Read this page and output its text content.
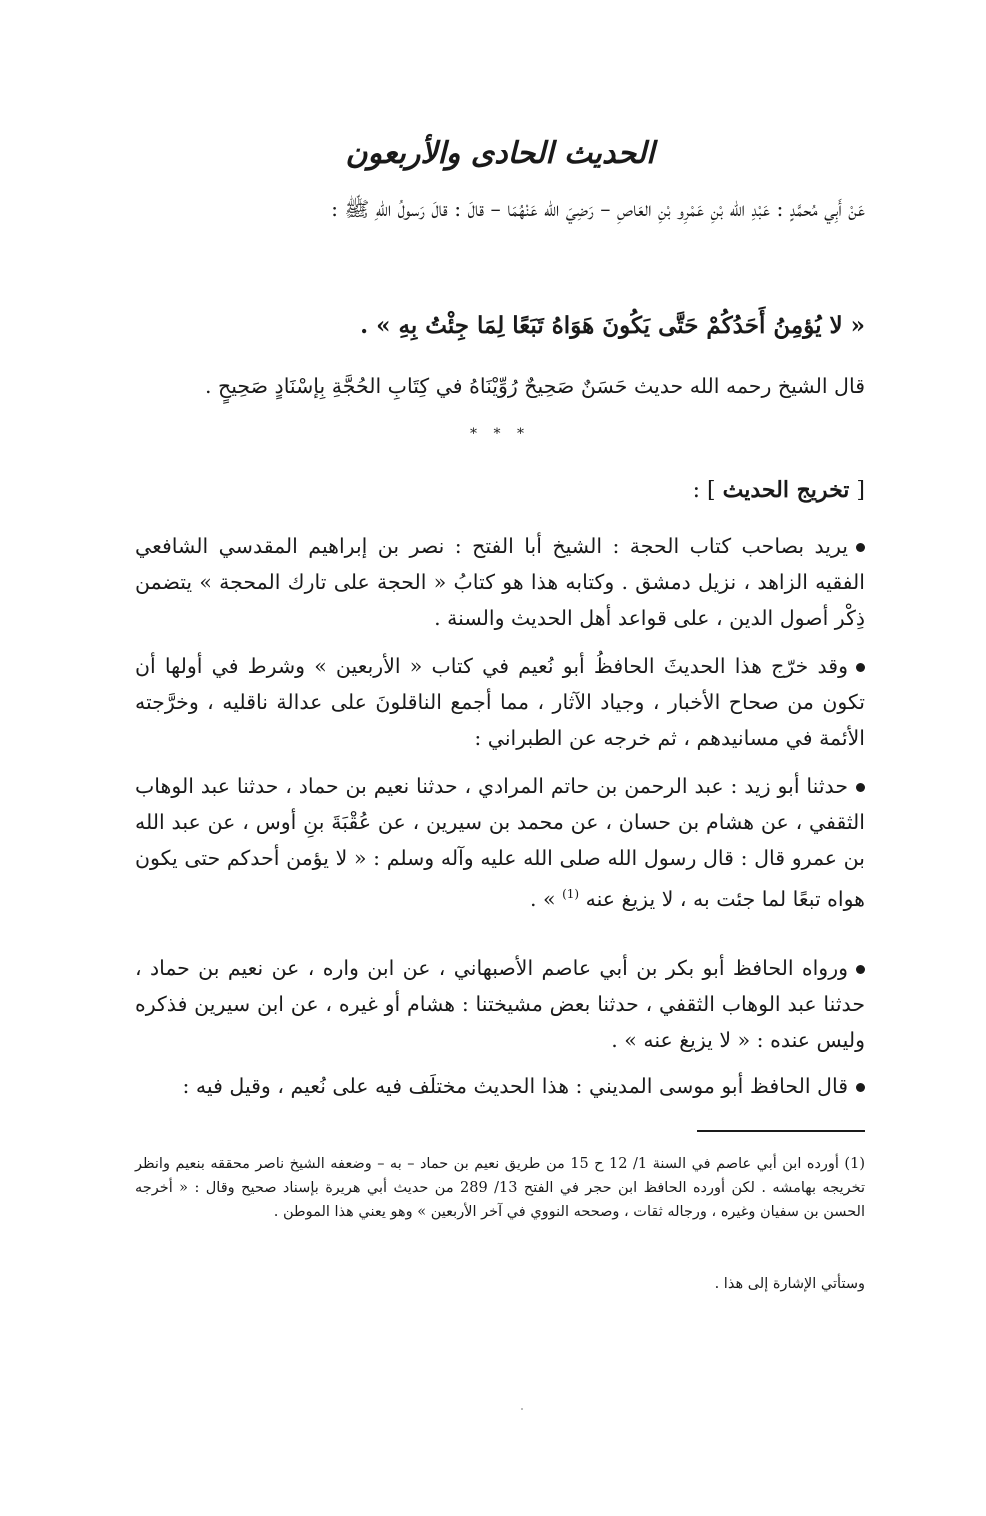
الحديث الحادى والأربعون
عَنْ أَبِي مُحمَّدٍ : عَبْدِ الله بْنِ عَمْرِو بْنِ العَاصِ – رَضِيَ الله عَنْهُمَا – قالَ : قالَ رَسولُ اللهِ ﷺ :
« لا يُؤمِنُ أَحَدُكُمْ حَتَّى يَكُونَ هَوَاهُ تَبَعًا لِمَا جِئْتُ بِهِ » .
قال الشيخ رحمه الله حديث حَسَنٌ صَحِيحٌ رُوِّيْنَاهُ في كِتَابِ الحُجَّةِ بِإسْنَادٍ صَحِيحٍ .
* * *
[ تخريج الحديث ] :
يريد بصاحب كتاب الحجة : الشيخ أبا الفتح : نصر بن إبراهيم المقدسي الشافعي الفقيه الزاهد ، نزيل دمشق . وكتابه هذا هو كتابُ « الحجة على تارك المحجة » يتضمن ذِكْر أصول الدين ، على قواعد أهل الحديث والسنة .
وقد خرّج هذا الحديثَ الحافظُ أبو نُعيم في كتاب « الأربعين » وشرط في أولها أن تكون من صحاح الأخبار ، وجياد الآثار ، مما أجمع الناقلونَ على عدالة ناقليه ، وخرَّجته الأئمة في مسانيدهم ، ثم خرجه عن الطبراني :
حدثنا أبو زيد : عبد الرحمن بن حاتم المرادي ، حدثنا نعيم بن حماد ، حدثنا عبد الوهاب الثقفي ، عن هشام بن حسان ، عن محمد بن سيرين ، عن عُقْبَةَ بنِ أوس ، عن عبد الله بن عمرو قال : قال رسول الله صلى الله عليه وآله وسلم : « لا يؤمن أحدكم حتى يكون هواه تبعًا لما جئت به ، لا يزيغ عنه $^{(1)}$ » .
ورواه الحافظ أبو بكر بن أبي عاصم الأصبهاني ، عن ابن واره ، عن نعيم بن حماد ، حدثنا عبد الوهاب الثقفي ، حدثنا بعض مشيختنا : هشام أو غيره ، عن ابن سيرين فذكره وليس عنده : « لا يزيغ عنه » .
قال الحافظ أبو موسى المديني : هذا الحديث مختلَف فيه على نُعيم ، وقيل فيه :
(1) أورده ابن أبي عاصم في السنة 1/ 12 ح 15 من طريق نعيم بن حماد – به – وضعفه الشيخ ناصر محققه بنعيم وانظر تخريجه بهامشه . لكن أورده الحافظ ابن حجر في الفتح 13/ 289 من حديث أبي هريرة بإسناد صحيح وقال : « أخرجه الحسن بن سفيان وغيره ، ورجاله ثقات ، وصححه النووي في آخر الأربعين » وهو يعني هذا الموطن .
وستأتي الإشارة إلى هذا .
